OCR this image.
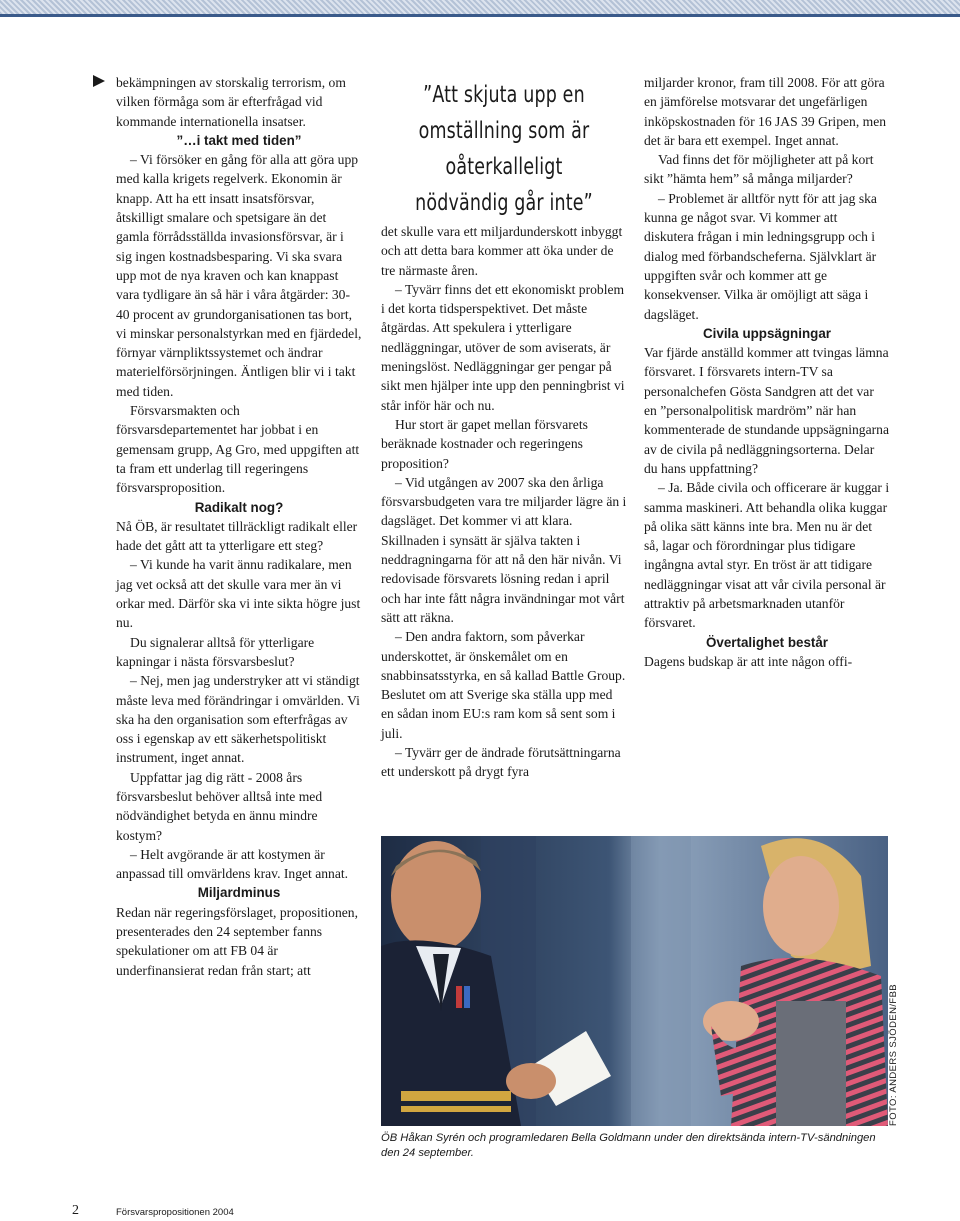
bekämpningen av storskalig terrorism, om vilken förmåga som är efterfrågad vid kommande internationella insatser.

”…i takt med tiden”

– Vi försöker en gång för alla att göra upp med kalla krigets regelverk. Ekonomin är knapp. Att ha ett insatt insatsförsvar, åtskilligt smalare och spetsigare än det gamla förrådsställda invasionsförsvar, är i sig ingen kostnadsbesparing. Vi ska svara upp mot de nya kraven och kan knappast vara tydligare än så här i våra åtgärder: 30-40 procent av grundorganisationen tas bort, vi minskar personalstyrkan med en fjärdedel, förnyar värnpliktssystemet och ändrar materielförsörjningen. Äntligen blir vi i takt med tiden.

Försvarsmakten och försvarsdepartementet har jobbat i en gemensam grupp, Ag Gro, med uppgiften att ta fram ett underlag till regeringens försvarsproposition.

Radikalt nog?

Nå ÖB, är resultatet tillräckligt radikalt eller hade det gått att ta ytterligare ett steg?

– Vi kunde ha varit ännu radikalare, men jag vet också att det skulle vara mer än vi orkar med. Därför ska vi inte sikta högre just nu.

Du signalerar alltså för ytterligare kapningar i nästa försvarsbeslut?

– Nej, men jag understryker att vi ständigt måste leva med förändringar i omvärlden. Vi ska ha den organisation som efterfrågas av oss i egenskap av ett säkerhetspolitiskt instrument, inget annat.

Uppfattar jag dig rätt - 2008 års försvarsbeslut behöver alltså inte med nödvändighet betyda en ännu mindre kostym?

– Helt avgörande är att kostymen är anpassad till omvärldens krav. Inget annat.

Miljardminus

Redan när regeringsförslaget, propositionen, presenterades den 24 september fanns spekulationer om att FB 04 är underfinansierat redan från start; att

”Att skjuta upp en omställning som är oåterkalleligt nödvändig går inte”

det skulle vara ett miljardunderskott inbyggt och att detta bara kommer att öka under de tre närmaste åren.

– Tyvärr finns det ett ekonomiskt problem i det korta tidsperspektivet. Det måste åtgärdas. Att spekulera i ytterligare nedläggningar, utöver de som aviserats, är meningslöst. Nedläggningar ger pengar på sikt men hjälper inte upp den penningbrist vi står inför här och nu.

Hur stort är gapet mellan försvarets beräknade kostnader och regeringens proposition?

– Vid utgången av 2007 ska den årliga försvarsbudgeten vara tre miljarder lägre än i dagsläget. Det kommer vi att klara. Skillnaden i synsätt är själva takten i neddragningarna för att nå den här nivån. Vi redovisade försvarets lösning redan i april och har inte fått några invändningar mot vårt sätt att räkna.

– Den andra faktorn, som påverkar underskottet, är önskemålet om en snabbinsatsstyrka, en så kallad Battle Group. Beslutet om att Sverige ska ställa upp med en sådan inom EU:s ram kom så sent som i juli.

– Tyvärr ger de ändrade förutsättningarna ett underskott på drygt fyra

miljarder kronor, fram till 2008. För att göra en jämförelse motsvarar det ungefärligen inköpskostnaden för 16 JAS 39 Gripen, men det är bara ett exempel. Inget annat.

Vad finns det för möjligheter att på kort sikt ”hämta hem” så många miljarder?

– Problemet är alltför nytt för att jag ska kunna ge något svar. Vi kommer att diskutera frågan i min ledningsgrupp och i dialog med förbandscheferna. Självklart är uppgiften svår och kommer att ge konsekvenser. Vilka är omöjligt att säga i dagsläget.

Civila uppsägningar

Var fjärde anställd kommer att tvingas lämna försvaret. I försvarets intern-TV sa personalchefen Gösta Sandgren att det var en ”personalpolitisk mardröm” när han kommenterade de stundande uppsägningarna av de civila på nedläggningsorterna. Delar du hans uppfattning?

– Ja. Både civila och officerare är kuggar i samma maskineri. Att behandla olika kuggar på olika sätt känns inte bra. Men nu är det så, lagar och förordningar plus tidigare ingångna avtal styr. En tröst är att tidigare nedläggningar visat att vår civila personal är attraktiv på arbetsmarknaden utanför försvaret.

Övertalighet består

Dagens budskap är att inte någon offi-

ÖB Håkan Syrén och programledaren Bella Goldmann under den direktsända intern-TV-sändningen den 24 september.
FOTO: ANDERS SJÖDEN/FBB
2	Försvarspropositionen 2004
